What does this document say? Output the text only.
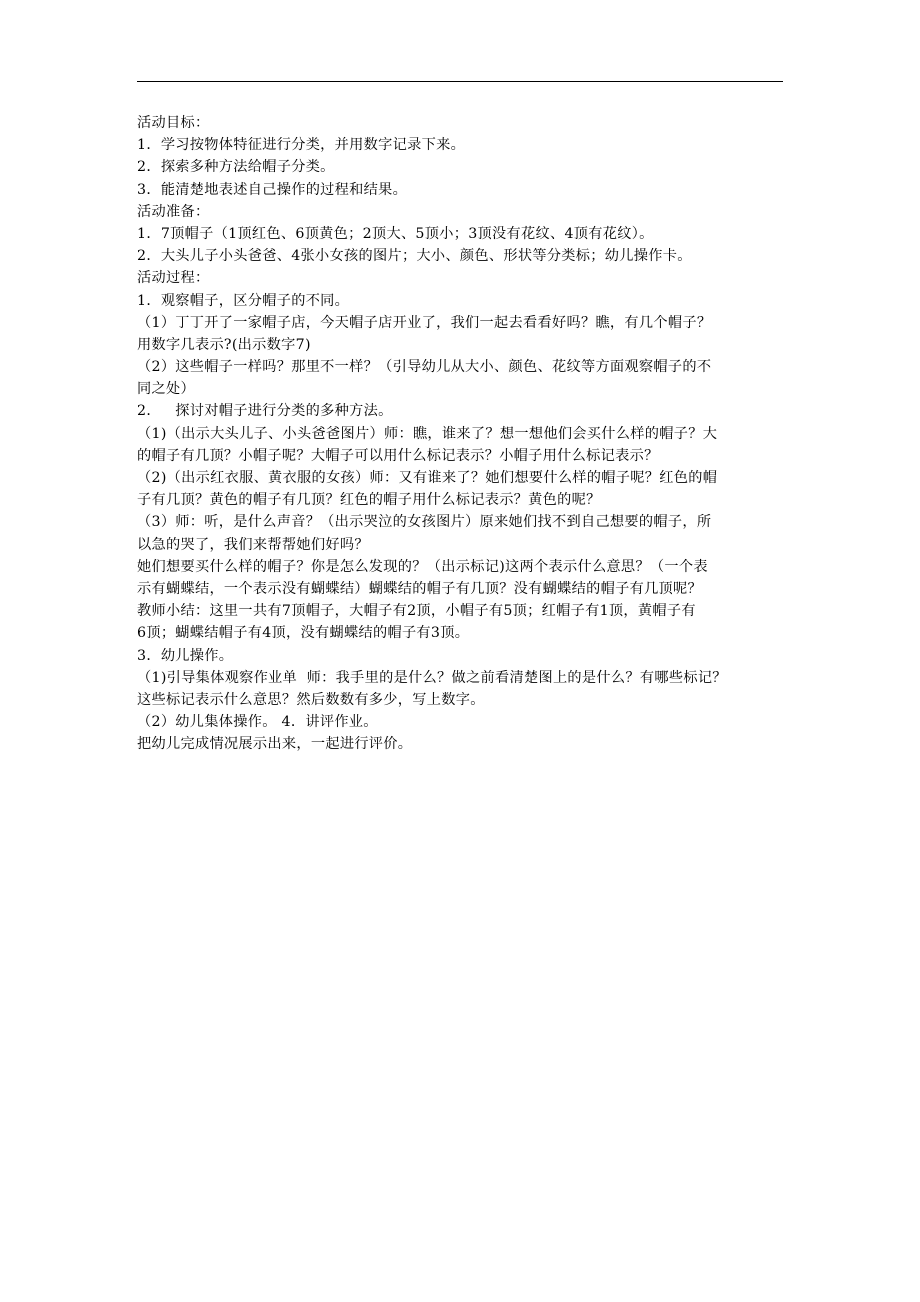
活动目标：
1．学习按物体特征进行分类，并用数字记录下来。
2．探索多种方法给帽子分类。
3．能清楚地表述自己操作的过程和结果。
活动准备：
1．7顶帽子（1顶红色、6顶黄色；2顶大、5顶小；3顶没有花纹、4顶有花纹）。
2．大头儿子小头爸爸、4张小女孩的图片；大小、颜色、形状等分类标；幼儿操作卡。
活动过程：
1．观察帽子，区分帽子的不同。
（1）丁丁开了一家帽子店，今天帽子店开业了，我们一起去看看好吗？瞧，有几个帽子？
用数字几表示?(出示数字7)
（2）这些帽子一样吗？那里不一样？（引导幼儿从大小、颜色、花纹等方面观察帽子的不
同之处）
2．   探讨对帽子进行分类的多种方法。
（1)（出示大头儿子、小头爸爸图片）师：瞧，谁来了？想一想他们会买什么样的帽子？大
的帽子有几顶？小帽子呢？大帽子可以用什么标记表示？小帽子用什么标记表示？
（2)（出示红衣服、黄衣服的女孩）师：又有谁来了？她们想要什么样的帽子呢？红色的帽
子有几顶？黄色的帽子有几顶？红色的帽子用什么标记表示？黄色的呢？
（3）师：听，是什么声音？（出示哭泣的女孩图片）原来她们找不到自己想要的帽子，所
以急的哭了，我们来帮帮她们好吗？
她们想要买什么样的帽子？你是怎么发现的？（出示标记)这两个表示什么意思？（一个表
示有蝴蝶结，一个表示没有蝴蝶结）蝴蝶结的帽子有几顶？没有蝴蝶结的帽子有几顶呢？
教师小结：这里一共有7顶帽子，大帽子有2顶，小帽子有5顶；红帽子有1顶，黄帽子有
6顶；蝴蝶结帽子有4顶，没有蝴蝶结的帽子有3顶。
3．幼儿操作。
（1)引导集体观察作业单  师：我手里的是什么？做之前看清楚图上的是什么？有哪些标记？
这些标记表示什么意思？然后数数有多少，写上数字。
（2）幼儿集体操作。 4．讲评作业。
把幼儿完成情况展示出来，一起进行评价。
